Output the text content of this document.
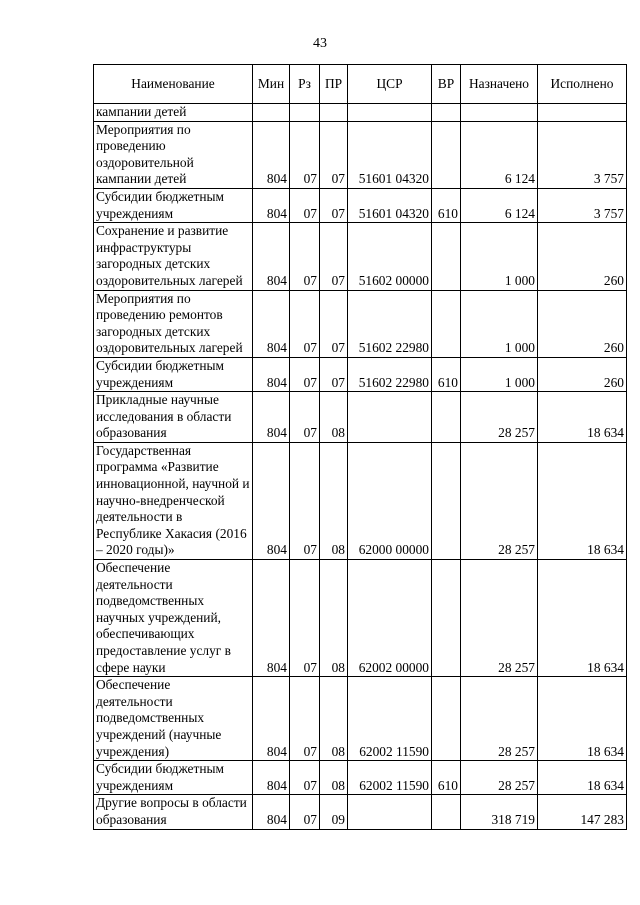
43
Наименование	Мин	Рз	ПР	ЦСР	ВР	Назначено	Исполнено
кампании детей							
Мероприятия по проведению оздоровительной кампании детей	804	07	07	51601 04320		6 124	3 757
Субсидии бюджетным учреждениям	804	07	07	51601 04320	610	6 124	3 757
Сохранение и развитие инфраструктуры загородных детских оздоровительных лагерей	804	07	07	51602 00000		1 000	260
Мероприятия по проведению ремонтов загородных детских оздоровительных лагерей	804	07	07	51602 22980		1 000	260
Субсидии бюджетным учреждениям	804	07	07	51602 22980	610	1 000	260
Прикладные научные исследования в области образования	804	07	08			28 257	18 634
Государственная программа «Развитие инновационной, научной и научно-внедренческой деятельности в Республике Хакасия (2016 – 2020 годы)»	804	07	08	62000 00000		28 257	18 634
Обеспечение деятельности подведомственных научных учреждений, обеспечивающих предоставление услуг в сфере науки	804	07	08	62002 00000		28 257	18 634
Обеспечение деятельности подведомственных учреждений (научные учреждения)	804	07	08	62002 11590		28 257	18 634
Субсидии бюджетным учреждениям	804	07	08	62002 11590	610	28 257	18 634
Другие вопросы в области образования	804	07	09			318 719	147 283
